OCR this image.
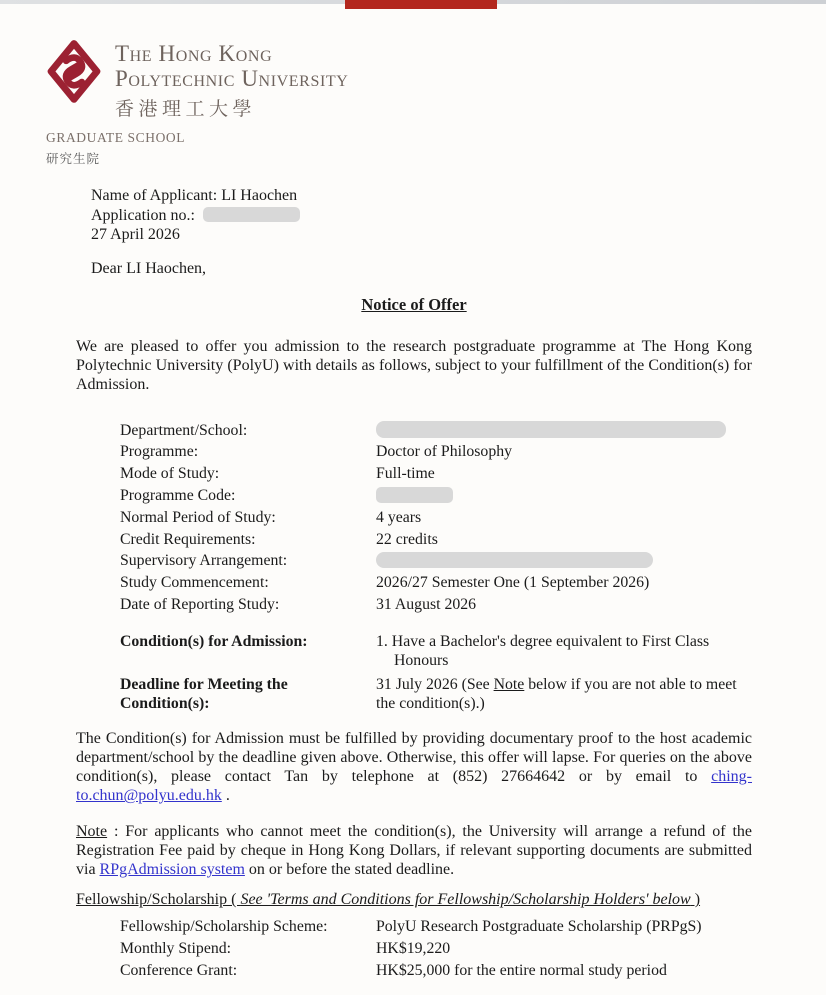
The Hong Kong
Polytechnic University
香港理工大學
GRADUATE SCHOOL
研究生院
Name of Applicant: LI Haochen
Application no.:
27 April 2026
Dear LI Haochen,
Notice of Offer
We are pleased to offer you admission to the research postgraduate programme at The Hong Kong Polytechnic University (PolyU) with details as follows, subject to your fulfillment of the Condition(s) for Admission.
Department/School:
Programme:	Doctor of Philosophy
Mode of Study:	Full-time
Programme Code:
Normal Period of Study:	4 years
Credit Requirements:	22 credits
Supervisory Arrangement:
Study Commencement:	2026/27 Semester One (1 September 2026)
Date of Reporting Study:	31 August 2026
Condition(s) for Admission:	1. Have a Bachelor's degree equivalent to First Class Honours
Deadline for Meeting the Condition(s):
31 July 2026 (See Note below if you are not able to meet the condition(s).)
The Condition(s) for Admission must be fulfilled by providing documentary proof to the host academic department/school by the deadline given above. Otherwise, this offer will lapse. For queries on the above condition(s), please contact Tan by telephone at (852) 27664642 or by email to ching-to.chun@polyu.edu.hk .
Note : For applicants who cannot meet the condition(s), the University will arrange a refund of the Registration Fee paid by cheque in Hong Kong Dollars, if relevant supporting documents are submitted via RPgAdmission system on or before the stated deadline.
Fellowship/Scholarship ( See 'Terms and Conditions for Fellowship/Scholarship Holders' below )
Fellowship/Scholarship Scheme:	PolyU Research Postgraduate Scholarship (PRPgS)
Monthly Stipend:	HK$19,220
Conference Grant:	HK$25,000 for the entire normal study period
